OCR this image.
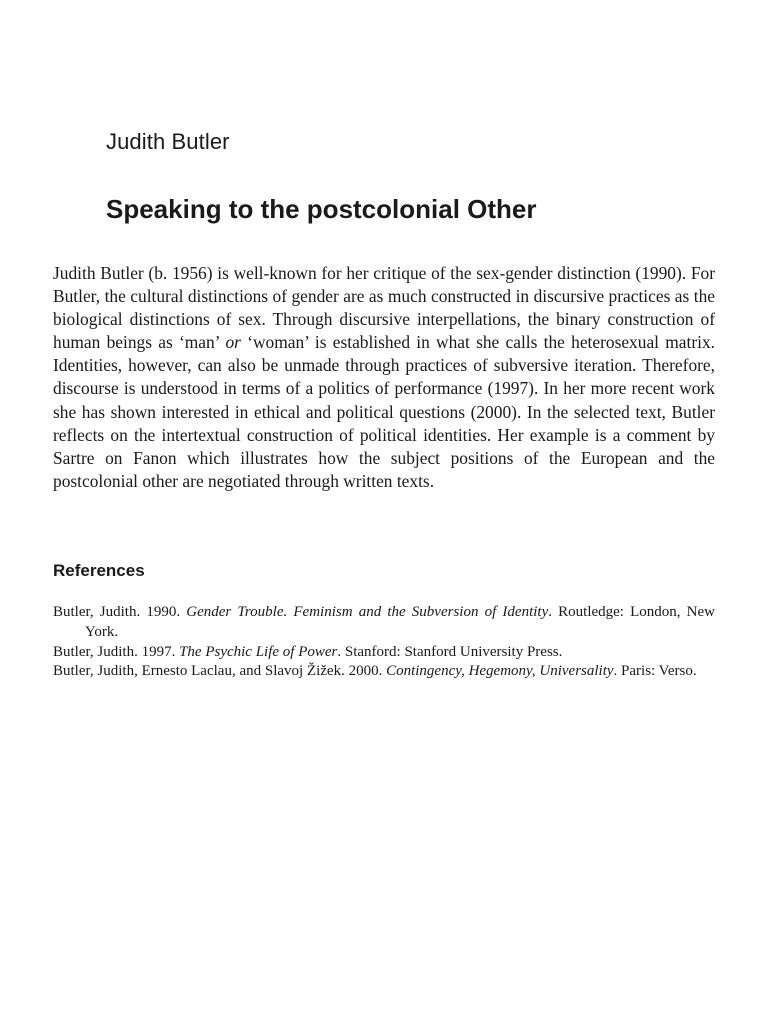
Judith Butler
Speaking to the postcolonial Other

Judith Butler (b. 1956) is well-known for her critique of the sex-gender distinction (1990). For Butler, the cultural distinctions of gender are as much constructed in discursive practices as the biological distinctions of sex. Through discursive interpellations, the binary construction of human beings as ‘man’ or ‘woman’ is established in what she calls the heterosexual matrix. Identities, however, can also be unmade through practices of subversive iteration. Therefore, discourse is understood in terms of a politics of performance (1997). In her more recent work she has shown interested in ethical and political questions (2000). In the selected text, Butler reflects on the intertextual construction of political identities. Her example is a comment by Sartre on Fanon which illustrates how the subject positions of the European and the postcolonial other are negotiated through written texts.

References
Butler, Judith. 1990. Gender Trouble. Feminism and the Subversion of Identity. Routledge: London, New York.
Butler, Judith. 1997. The Psychic Life of Power. Stanford: Stanford University Press.
Butler, Judith, Ernesto Laclau, and Slavoj Žižek. 2000. Contingency, Hegemony, Universality. Paris: Verso.
